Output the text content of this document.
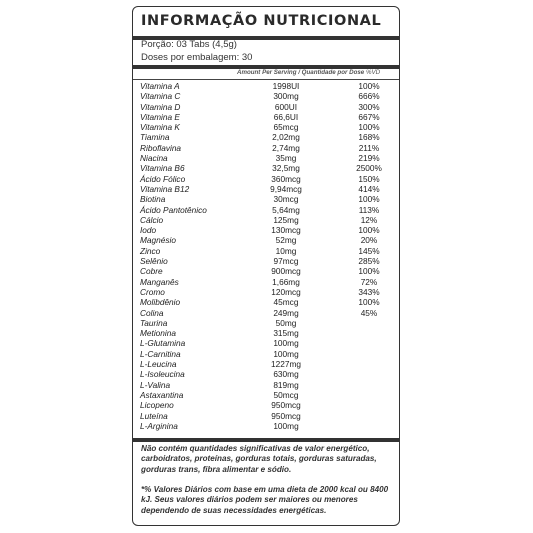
INFORMAÇÃO NUTRICIONAL
Porção: 03 Tabs (4,5g)
Doses por embalagem: 30
Amount Per Serving / Quantidade por Dose %VD
Vitamina A	1998UI	100%
Vitamina C	300mg	666%
Vitamina D	600UI	300%
Vitamina E	66,6UI	667%
Vitamina K	65mcg	100%
Tiamina	2,02mg	168%
Riboflavina	2,74mg	211%
Niacina	35mg	219%
Vitamina B6	32,5mg	2500%
Ácido Fólico	360mcg	150%
Vitamina B12	9,94mcg	414%
Biotina	30mcg	100%
Ácido Pantotênico	5,64mg	113%
Cálcio	125mg	12%
Iodo	130mcg	100%
Magnésio	52mg	20%
Zinco	10mg	145%
Selênio	97mcg	285%
Cobre	900mcg	100%
Manganês	1,66mg	72%
Cromo	120mcg	343%
Molibdênio	45mcg	100%
Colina	249mg	45%
Taurina	50mg
Metionina	315mg
L-Glutamina	100mg
L-Carnitina	100mg
L-Leucina	1227mg
L-Isoleucina	630mg
L-Valina	819mg
Astaxantina	50mcg
Licopeno	950mcg
Luteína	950mcg
L-Arginina	100mg
Não contém quantidades significativas de valor energético, carboidratos, proteínas, gorduras totais, gorduras saturadas, gorduras trans, fibra alimentar e sódio.
*% Valores Diários com base em uma dieta de 2000 kcal ou 8400 kJ. Seus valores diários podem ser maiores ou menores dependendo de suas necessidades energéticas.
